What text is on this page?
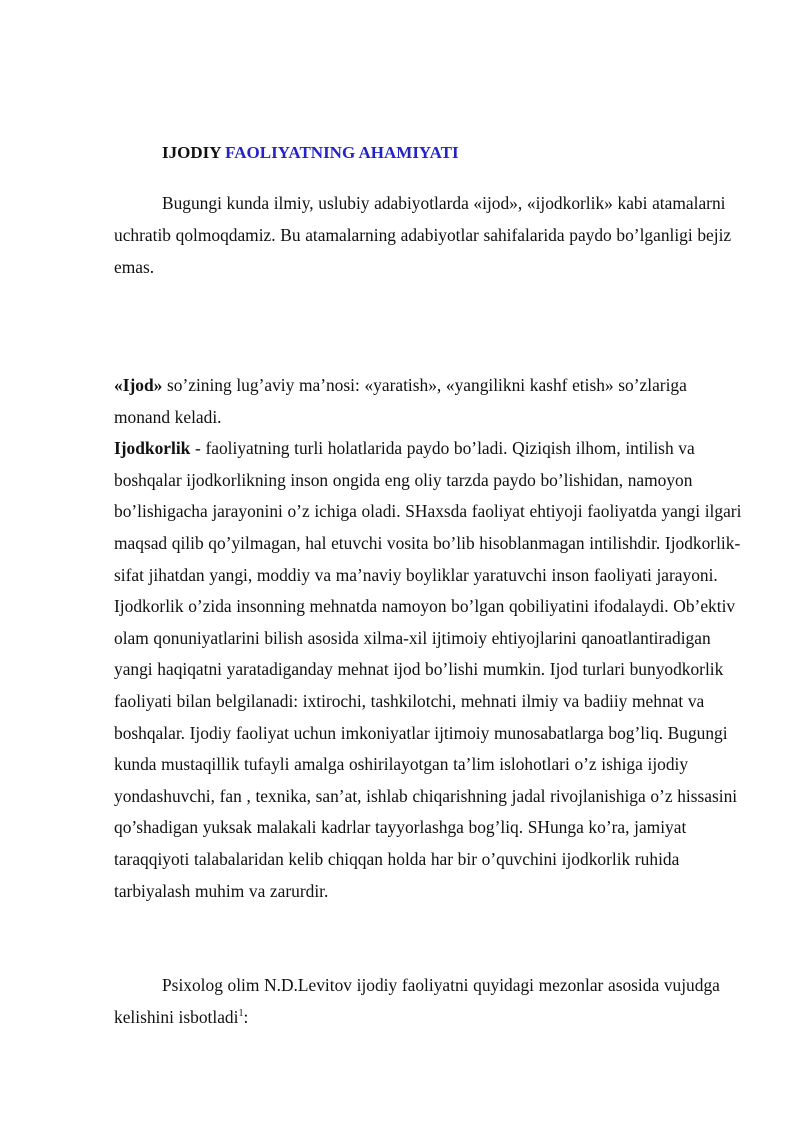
IJODIY FAOLIYATNING AHAMIYATI

Bugungi kunda ilmiy, uslubiy adabiyotlarda «ijod», «ijodkorlik» kabi atamalarni uchratib qolmoqdamiz. Bu atamalarning adabiyotlar sahifalarida paydo bo’lganligi bejiz emas.

«Ijod» so’zining lug’aviy ma’nosi: «yaratish», «yangilikni kashf etish» so’zlariga monand keladi.
Ijodkorlik - faoliyatning turli holatlarida paydo bo’ladi. Qiziqish ilhom, intilish va boshqalar ijodkorlikning inson ongida eng oliy tarzda paydo bo’lishidan, namoyon bo’lishigacha jarayonini o’z ichiga oladi. SHaxsda faoliyat ehtiyoji faoliyatda yangi ilgari maqsad qilib qo’yilmagan, hal etuvchi vosita bo’lib hisoblanmagan intilishdir. Ijodkorlik- sifat jihatdan yangi, moddiy va ma’naviy boyliklar yaratuvchi inson faoliyati jarayoni. Ijodkorlik o’zida insonning mehnatda namoyon bo’lgan qobiliyatini ifodalaydi. Ob’ektiv olam qonuniyatlarini bilish asosida xilma-xil ijtimoiy ehtiyojlarini qanoatlantiradigan yangi haqiqatni yaratadiganday mehnat ijod bo’lishi mumkin. Ijod turlari bunyodkorlik faoliyati bilan belgilanadi: ixtirochi, tashkilotchi, mehnati ilmiy va badiiy mehnat va boshqalar. Ijodiy faoliyat uchun imkoniyatlar ijtimoiy munosabatlarga bog’liq. Bugungi kunda mustaqillik tufayli amalga oshirilayotgan ta’lim islohotlari o’z ishiga ijodiy yondashuvchi, fan , texnika, san’at, ishlab chiqarishning jadal rivojlanishiga o’z hissasini qo’shadigan yuksak malakali kadrlar tayyorlashga bog’liq. SHunga ko’ra, jamiyat taraqqiyoti talabalaridan kelib chiqqan holda har bir o’quvchini ijodkorlik ruhida tarbiyalash muhim va zarurdir.

Psixolog olim N.D.Levitov ijodiy faoliyatni quyidagi mezonlar asosida vujudga kelishini isbotladi$^1$:
